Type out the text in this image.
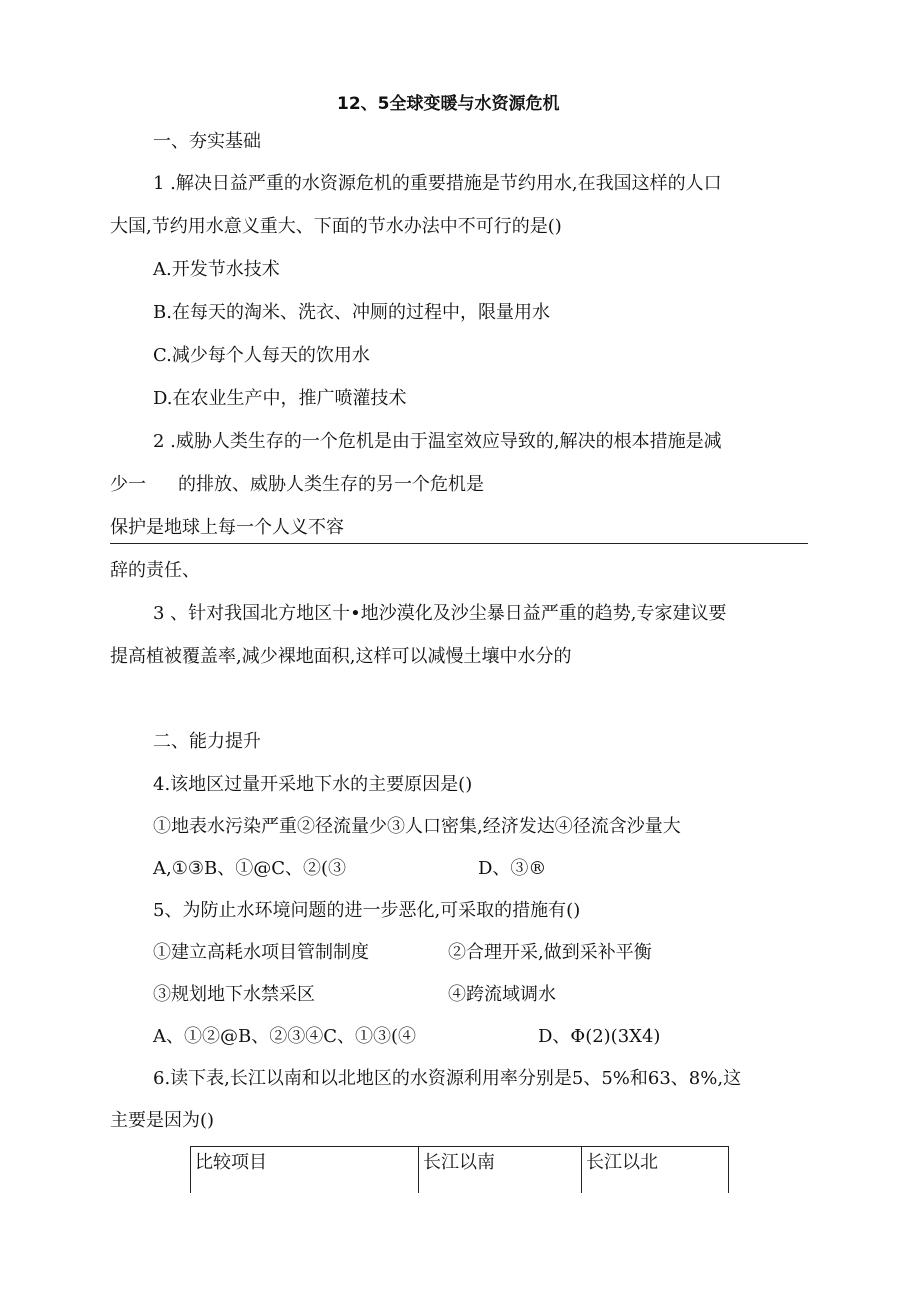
12、5全球变暖与水资源危机
一、夯实基础
1 .解决日益严重的水资源危机的重要措施是节约用水,在我国这样的人口
大国,节约用水意义重大、下面的节水办法中不可行的是()
A.开发节水技术
B.在每天的淘米、洗衣、冲厕的过程中，限量用水
C.减少每个人每天的饮用水
D.在农业生产中，推广喷灌技术
2 .威胁人类生存的一个危机是由于温室效应导致的,解决的根本措施是减
少一 的排放、威胁人类生存的另一个危机是
保护是地球上每一个人义不容
辞的责任、
3 、针对我国北方地区十•地沙漠化及沙尘暴日益严重的趋势,专家建议要
提高植被覆盖率,减少裸地面积,这样可以减慢土壤中水分的
二、能力提升
4.该地区过量开采地下水的主要原因是()
①地表水污染严重②径流量少③人口密集,经济发达④径流含沙量大
A,①③B、①@C、②(③	D、③®
5、为防止水环境问题的进一步恶化,可采取的措施有()
①建立高耗水项目管制制度	②合理开采,做到采补平衡
③规划地下水禁采区	④跨流域调水
A、①②@B、②③④C、①③(④	D、Φ(2)(3X4)
6.读下表,长江以南和以北地区的水资源利用率分别是5、5%和63、8%,这
主要是因为()
比较项目	长江以南	长江以北
